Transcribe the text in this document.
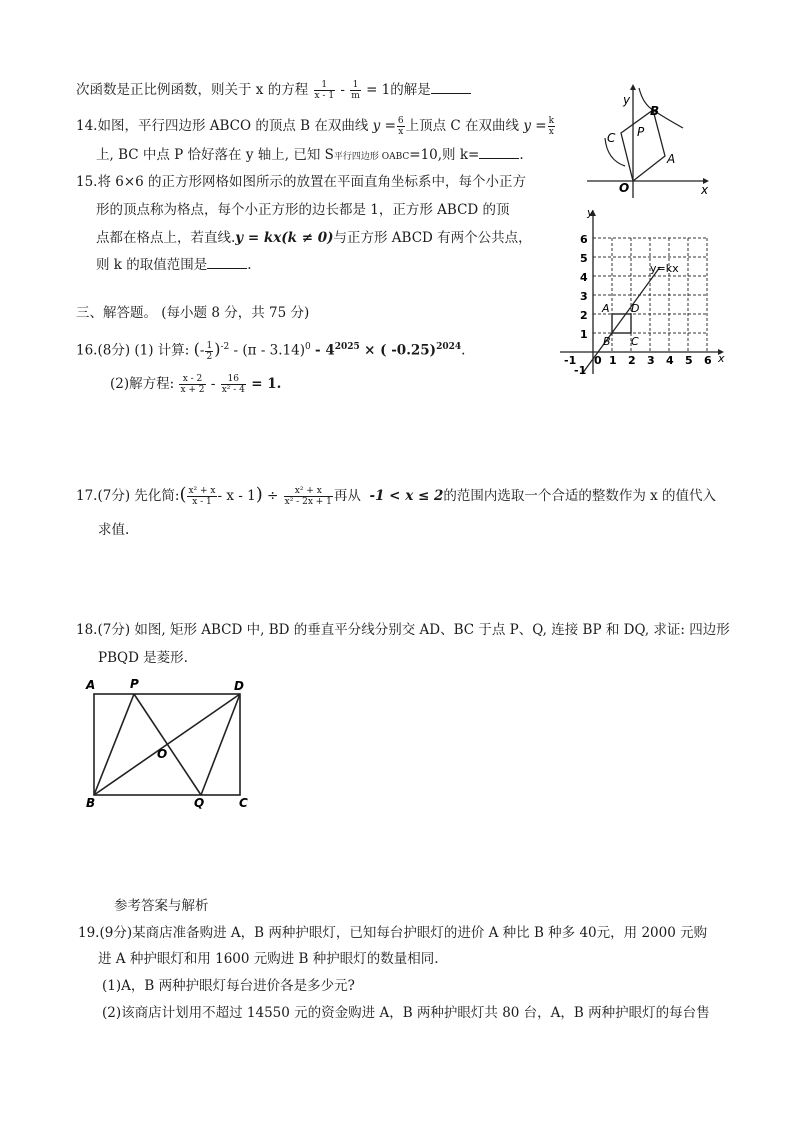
次函数是正比例函数，则关于 x 的方程 $\frac{1}{x - 1} - \frac{1}{m} = 1$的解是
14.如图，平行四边形 ABCO 的顶点 B 在双曲线 $y = \frac{6}{x}$ 上顶点 C 在双曲线 $y = \frac{k}{x}$
上, BC 中点 P 恰好落在 y 轴上, 已知 S平行四边形 OABC=10,则 k=	.
15.将 6×6 的正方形网格如图所示的放置在平面直角坐标系中，每个小正方
形的顶点称为格点，每个小正方形的边长都是 1，正方形 ABCD 的顶
点都在格点上，若直线.y = kx(k ≠ 0)与正方形 ABCD 有两个公共点，
则 k 的取值范围是	.
三、解答题。 (每小题 8 分，共 75 分)
16.(8分) (1) 计算: (- $\frac{1}{2} )^{-2} - (\pi - 3.14)^0 - 4^{2025}$ × ( -0.25)$^{2024}$.
(2)解方程: $\frac{x - 2}{x + 2} - \frac{16}{\text{x² - 4}} = 1$.
17.(7分) 先化简:( $\frac{\text{x² + x}}{x - 1} - x - 1) \div \frac{\text{x² + x}}{\text{x² - 2x + 1}}$ 再从 -1 < x ≤ 2的范围内选取一个合适的整数作为 x 的值代入
求值.
18.(7分) 如图, 矩形 ABCD 中, BD 的垂直平分线分别交 AD、BC 于点 P、Q, 连接 BP 和 DQ, 求证: 四边形
PBQD 是菱形.
参考答案与解析
19.(9分)某商店准备购进 A，B 两种护眼灯，已知每台护眼灯的进价 A 种比 B 种多 40元，用 2000 元购
进 A 种护眼灯和用 1600 元购进 B 种护眼灯的数量相同.
(1)A，B 两种护眼灯每台进价各是多少元?
(2)该商店计划用不超过 14550 元的资金购进 A，B 两种护眼灯共 80 台，A，B 两种护眼灯的每台售
y
x
O
A
B
C P
y
x
6
5
4
3
2
1
-1 0 1 2 3 4 5 6
-1
y=kx
A
B C
D
A	P	D
O
B	Q	C
